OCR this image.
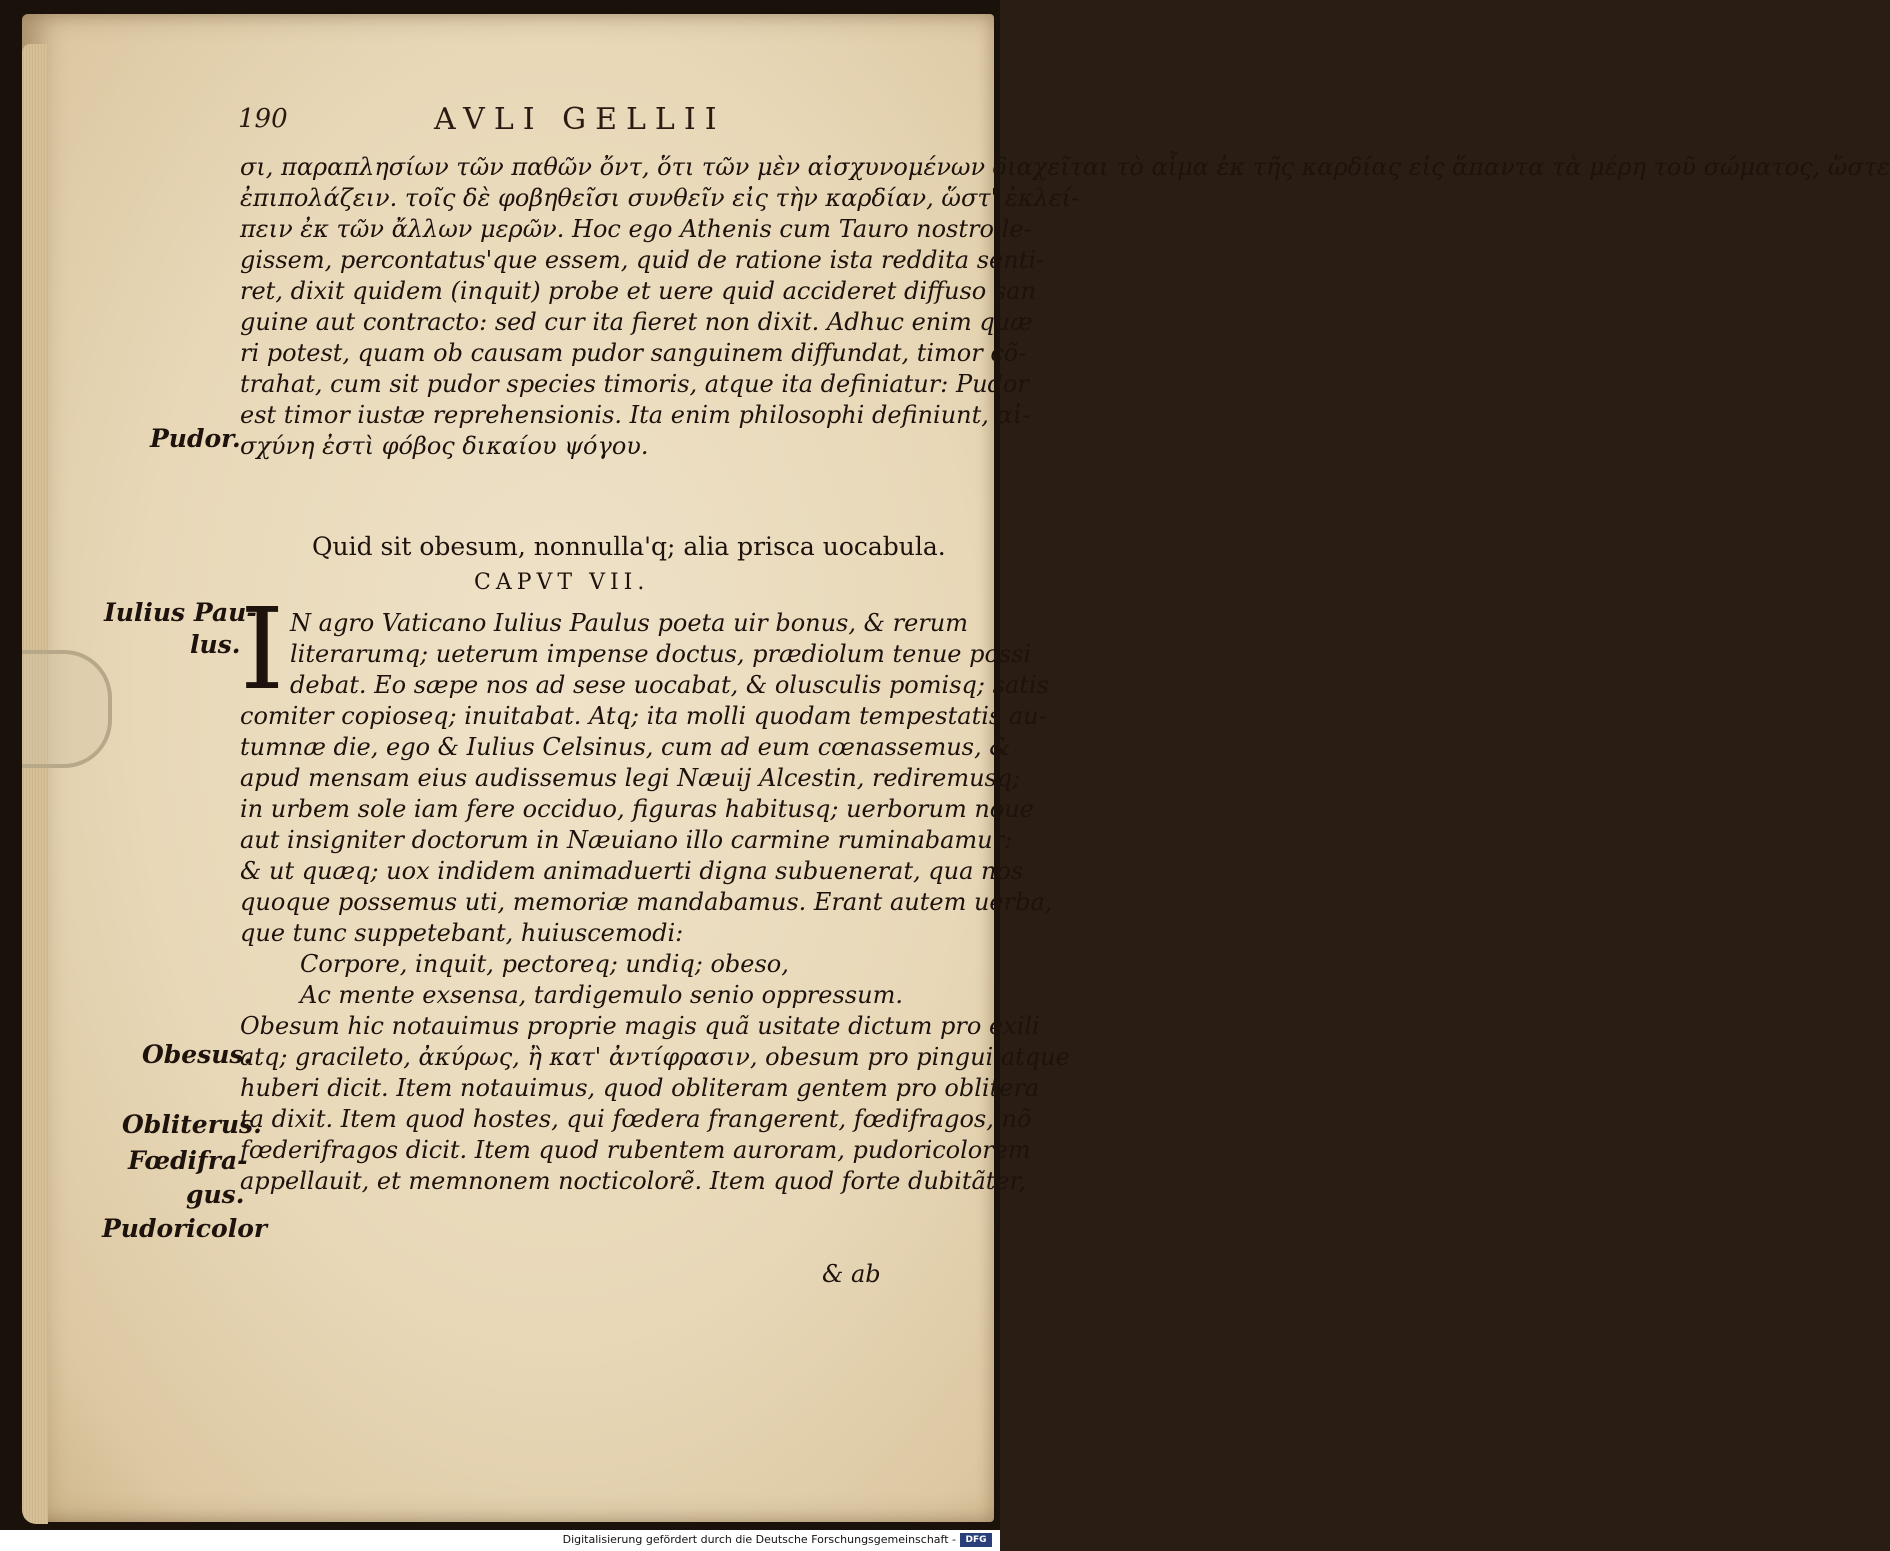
190	AVLI GELLII
σι, παραπλησίων τῶν παθῶν ὄντ, ὅτι τῶν μὲν αἰσχυνομένων διαχεῖται τὸ αἷμα ἐκ τῆς καρδίας εἰς ἅπαντα τὰ μέρη τοῦ σώματος, ὥστε
ἐπιπολάζειν. τοῖς δὲ φοβηθεῖσι συνθεῖν εἰς τὴν καρδίαν, ὥστ' ἐκλεί-
πειν ἐκ τῶν ἄλλων μερῶν. Hoc ego Athenis cum Tauro nostro le-
gissem, percontatus'que essem, quid de ratione ista reddita senti-
ret, dixit quidem (inquit) probe et uere quid accideret diffuso san
guine aut contracto: sed cur ita fieret non dixit. Adhuc enim quæ
ri potest, quam ob causam pudor sanguinem diffundat, timor cõ-
trahat, cum sit pudor species timoris, atque ita definiatur: Pudor
est timor iustæ reprehensionis. Ita enim philosophi definiunt, αἰ-
σχύνη ἐστὶ φόβος δικαίου ψόγου.
Pudor.
Quid sit obesum, nonnulla'q; alia prisca uocabula.
CAPVT VII.
Iulius Pau-
lus. I N agro Vaticano Iulius Paulus poeta uir bonus, & rerum
literarumq; ueterum impense doctus, prædiolum tenue possi
debat. Eo sæpe nos ad sese uocabat, & olusculis pomisq; satis
comiter copioseq; inuitabat. Atq; ita molli quodam tempestatis au-
tumnæ die, ego & Iulius Celsinus, cum ad eum cœnassemus, &
apud mensam eius audissemus legi Næuij Alcestin, rediremusq;
in urbem sole iam fere occiduo, figuras habitusq; uerborum noue
aut insigniter doctorum in Næuiano illo carmine ruminabamur:
& ut quæq; uox indidem animaduerti digna subuenerat, qua nos
quoque possemus uti, memoriæ mandabamus. Erant autem uerba,
que tunc suppetebant, huiuscemodi:
Corpore, inquit, pectoreq; undiq; obeso,
Ac mente exsensa, tardigemulo senio oppressum.
Obesum hic notauimus proprie magis quã usitate dictum pro exili
atq; gracileto, ἀκύρως, ἢ κατ' ἀντίφρασιν, obesum pro pingui atque
huberi dicit. Item notauimus, quod obliteram gentem pro oblitera
ta dixit. Item quod hostes, qui fœdera frangerent, fœdifragos, nõ
fœderifragos dicit. Item quod rubentem auroram, pudoricolorem
appellauit, et memnonem nocticolorẽ. Item quod forte dubitãter,
Obesus.
Obliterus.
Fœdifra-
gus.
Pudoricolor
& ab
Digitalisierung gefördert durch die Deutsche Forschungsgemeinschaft -	DFG
